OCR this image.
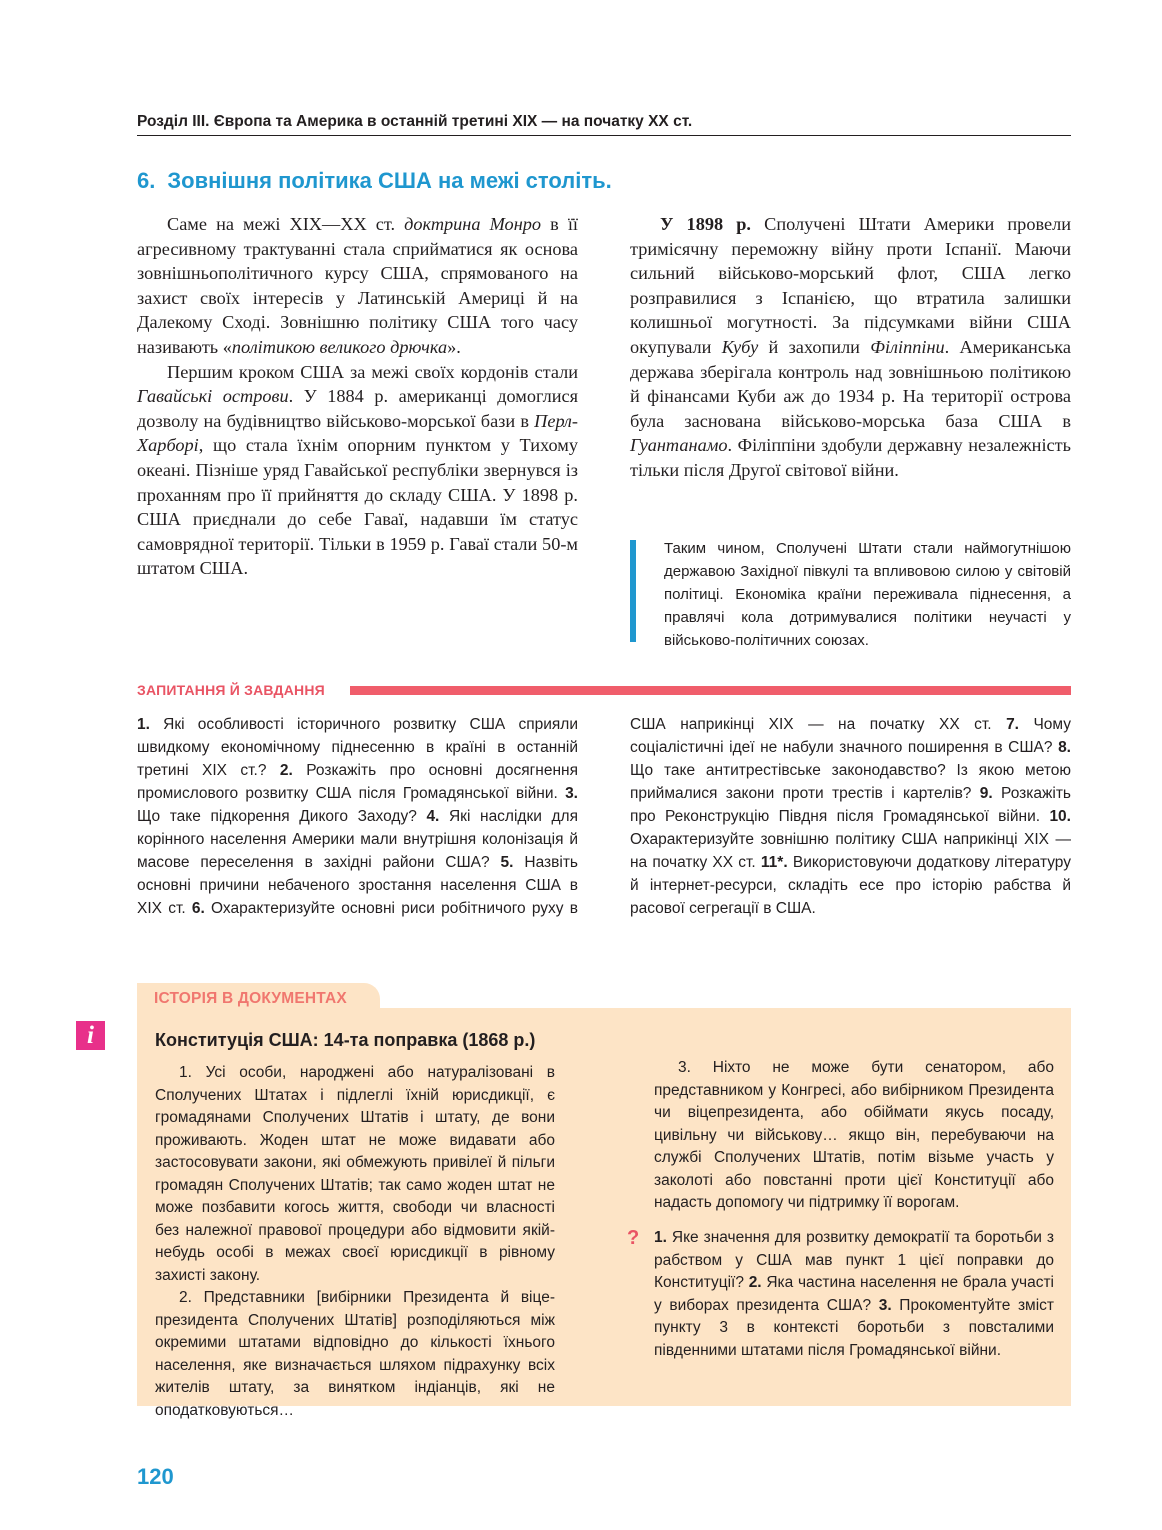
Розділ ІІІ. Європа та Америка в останній третині XIX — на початку XX ст.
6. Зовнішня політика США на межі століть.

Саме на межі XIX—XX ст. доктрина Монро в її агресивному трактуванні стала сприйматися як основа зовнішньополітичного курсу США, спрямованого на захист своїх інтересів у Латинській Америці й на Далекому Сході. Зовнішню політику США того часу називають «політикою великого дрючка».

Першим кроком США за межі своїх кордонів стали Гавайські острови. У 1884 р. американці домоглися дозволу на будівництво військово-морської бази в Перл-Харборі, що стала їхнім опорним пунктом у Тихому океані. Пізніше уряд Гавайської республіки звернувся із проханням про її прийняття до складу США. У 1898 р. США приєднали до себе Гаваї, надавши їм статус самоврядної території. Тільки в 1959 р. Гаваї стали 50-м штатом США.

У 1898 р. Сполучені Штати Америки провели тримісячну переможну війну проти Іспанії. Маючи сильний військово-морський флот, США легко розправилися з Іспанією, що втратила залишки колишньої могутності. За підсумками війни США окупували Кубу й захопили Філіппіни. Американська держава зберігала контроль над зовнішньою політикою й фінансами Куби аж до 1934 р. На території острова була заснована військово-морська база США в Гуантанамо. Філіппіни здобули державну незалежність тільки після Другої світової війни.

Таким чином, Сполучені Штати стали наймогутнішою державою Західної півкулі та впливовою силою у світовій політиці. Економіка країни переживала піднесення, а правлячі кола дотримувалися політики неучасті у військово-політичних союзах.

ЗАПИТАННЯ Й ЗАВДАННЯ

1. Які особливості історичного розвитку США сприяли швидкому економічному піднесенню в країні в останній третині XIX ст.? 2. Розкажіть про основні досягнення промислового розвитку США після Громадянської війни. 3. Що таке підкорення Дикого Заходу? 4. Які наслідки для корінного населення Америки мали внутрішня колонізація й масове переселення в західні райони США? 5. Назвіть основні причини небаченого зростання населення США в XIX ст. 6. Охарактеризуйте основні риси робітничого руху в США наприкінці XIX — на початку XX ст. 7. Чому соціалістичні ідеї не набули значного поширення в США? 8. Що таке антитрестівське законодавство? Із якою метою приймалися закони проти трестів і картелів? 9. Розкажіть про Реконструкцію Півдня після Громадянської війни. 10. Охарактеризуйте зовнішню політику США наприкінці XIX — на початку XX ст. 11*. Використовуючи додаткову літературу й інтернет-ресурси, складіть есе про історію рабства й расової сегрегації в США.

ІСТОРІЯ В ДОКУМЕНТАХ
i	Конституція США: 14-та поправка (1868 р.)

1. Усі особи, народжені або натуралізовані в Сполучених Штатах і підлеглі їхній юрисдикції, є громадянами Сполучених Штатів і штату, де вони проживають. Жоден штат не може видавати або застосовувати закони, які обмежують привілеї й пільги громадян Сполучених Штатів; так само жоден штат не може позбавити когось життя, свободи чи власності без належної правової процедури або відмовити якій-небудь особі в межах своєї юрисдикції в рівному захисті закону.

2. Представники [вибірники Президента й віце-президента Сполучених Штатів] розподіляються між окремими штатами відповідно до кількості їхнього населення, яке визначається шляхом підрахунку всіх жителів штату, за винятком індіанців, які не оподатковуються…

3. Ніхто не може бути сенатором, або представником у Конгресі, або вибірником Президента чи віцепрезидента, або обіймати якусь посаду, цивільну чи військову… якщо він, перебуваючи на службі Сполучених Штатів, потім візьме участь у заколоті або повстанні проти цієї Конституції або надасть допомогу чи підтримку її ворогам.

? 1. Яке значення для розвитку демократії та боротьби з рабством у США мав пункт 1 цієї поправки до Конституції? 2. Яка частина населення не брала участі у виборах президента США? 3. Прокоментуйте зміст пункту 3 в контексті боротьби з повсталими південними штатами після Громадянської війни.

120
